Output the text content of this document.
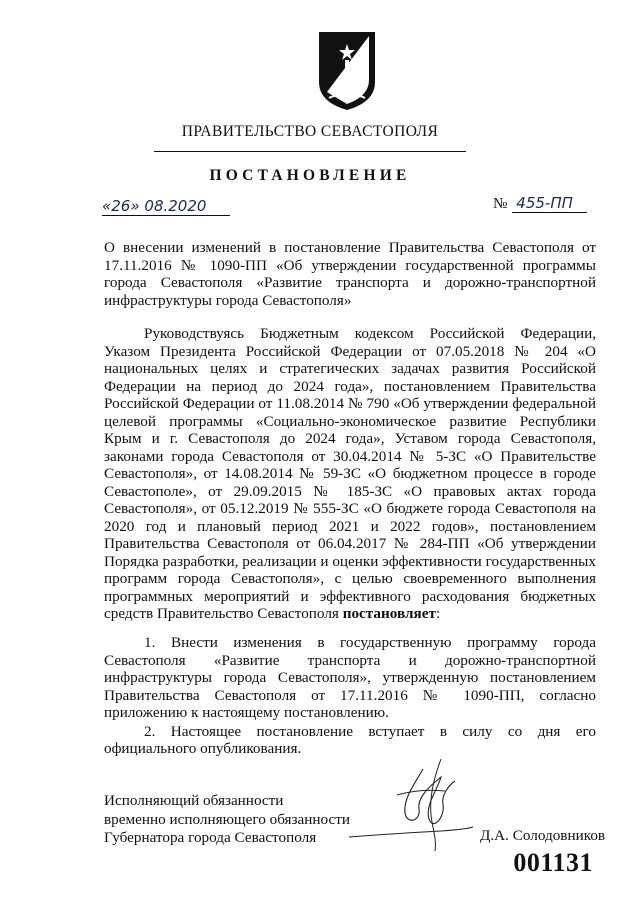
ПРАВИТЕЛЬСТВО СЕВАСТОПОЛЯ
ПОСТАНОВЛЕНИЕ
«26» 08.2020	№ 455-ПП

О внесении изменений в постановление Правительства Севастополя от 17.11.2016 № 1090-ПП «Об утверждении государственной программы города Севастополя «Развитие транспорта и дорожно-транспортной инфраструктуры города Севастополя»

Руководствуясь Бюджетным кодексом Российской Федерации, Указом Президента Российской Федерации от 07.05.2018 № 204 «О национальных целях и стратегических задачах развития Российской Федерации на период до 2024 года», постановлением Правительства Российской Федерации от 11.08.2014 № 790 «Об утверждении федеральной целевой программы «Социально-экономическое развитие Республики Крым и г. Севастополя до 2024 года», Уставом города Севастополя, законами города Севастополя от 30.04.2014 № 5-ЗС «О Правительстве Севастополя», от 14.08.2014 № 59-ЗС «О бюджетном процессе в городе Севастополе», от 29.09.2015 № 185-ЗС «О правовых актах города Севастополя», от 05.12.2019 № 555-ЗС «О бюджете города Севастополя на 2020 год и плановый период 2021 и 2022 годов», постановлением Правительства Севастополя от 06.04.2017 № 284-ПП «Об утверждении Порядка разработки, реализации и оценки эффективности государственных программ города Севастополя», с целью своевременного выполнения программных мероприятий и эффективного расходования бюджетных средств Правительство Севастополя постановляет:

1. Внести изменения в государственную программу города Севастополя «Развитие транспорта и дорожно-транспортной инфраструктуры города Севастополя», утвержденную постановлением Правительства Севастополя от 17.11.2016 № 1090-ПП, согласно приложению к настоящему постановлению.

2. Настоящее постановление вступает в силу со дня его официального опубликования.

Исполняющий обязанности
временно исполняющего обязанности
Губернатора города Севастополя	Д.А. Солодовников
001131
